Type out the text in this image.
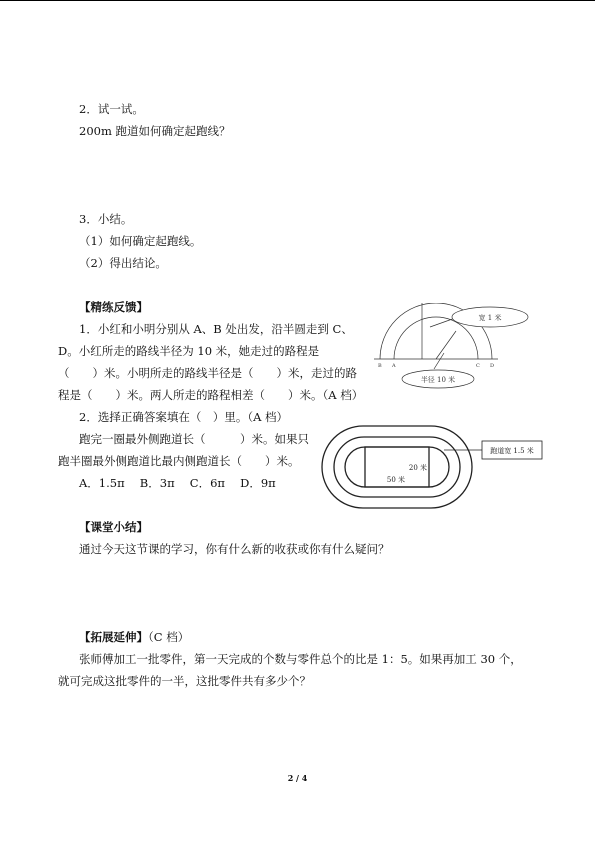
2．试一试。
200m 跑道如何确定起跑线？
3．小结。
（1）如何确定起跑线。
（2）得出结论。
【精练反馈】
1．小红和小明分别从 A、B 处出发，沿半圆走到 C、
D。小红所走的路线半径为 10 米，她走过的路程是
（　　）米。小明所走的路线半径是（　　）米，走过的路
程是（　　）米。两人所走的路程相差（　　）米。（A 档）
2．选择正确答案填在（　）里。（A 档）
跑完一圈最外侧跑道长（　　　）米。如果只
跑半圈最外侧跑道比最内侧跑道长（　　）米。
A．1.5π　 B．3π　 C．6π　 D．9π
宽 1 米
半径 10 米
B A	C D
跑道宽 1.5 米
20 米
50 米
【课堂小结】
通过今天这节课的学习，你有什么新的收获或你有什么疑问？
【拓展延伸】（C 档）
张师傅加工一批零件，第一天完成的个数与零件总个的比是 1：5。如果再加工 30 个，
就可完成这批零件的一半，这批零件共有多少个？
2 / 4
